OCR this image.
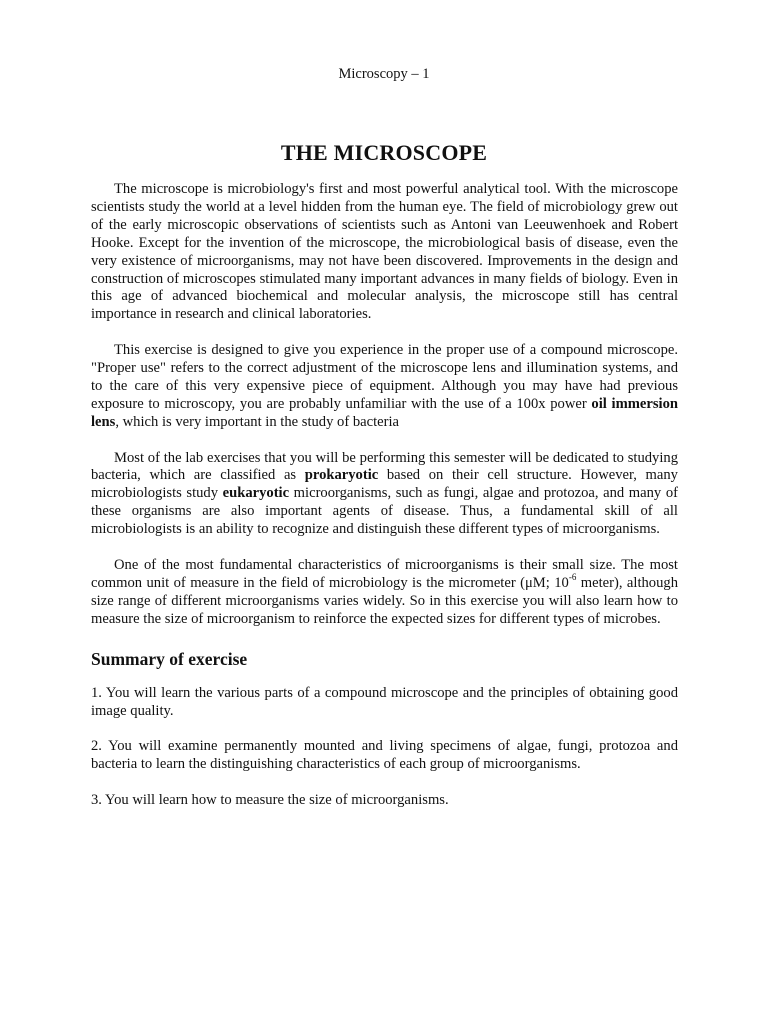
Microscopy – 1
THE MICROSCOPE

The microscope is microbiology's first and most powerful analytical tool. With the microscope scientists study the world at a level hidden from the human eye. The field of microbiology grew out of the early microscopic observations of scientists such as Antoni van Leeuwenhoek and Robert Hooke. Except for the invention of the microscope, the microbiological basis of disease, even the very existence of microorganisms, may not have been discovered. Improvements in the design and construction of microscopes stimulated many important advances in many fields of biology. Even in this age of advanced biochemical and molecular analysis, the microscope still has central importance in research and clinical laboratories.

This exercise is designed to give you experience in the proper use of a compound microscope. "Proper use" refers to the correct adjustment of the microscope lens and illumination systems, and to the care of this very expensive piece of equipment. Although you may have had previous exposure to microscopy, you are probably unfamiliar with the use of a 100x power oil immersion lens, which is very important in the study of bacteria

Most of the lab exercises that you will be performing this semester will be dedicated to studying bacteria, which are classified as prokaryotic based on their cell structure. However, many microbiologists study eukaryotic microorganisms, such as fungi, algae and protozoa, and many of these organisms are also important agents of disease. Thus, a fundamental skill of all microbiologists is an ability to recognize and distinguish these different types of microorganisms.

One of the most fundamental characteristics of microorganisms is their small size. The most common unit of measure in the field of microbiology is the micrometer (μM; $10^{-6}$ meter), although size range of different microorganisms varies widely. So in this exercise you will also learn how to measure the size of microorganism to reinforce the expected sizes for different types of microbes.

Summary of exercise

1. You will learn the various parts of a compound microscope and the principles of obtaining good image quality.

2. You will examine permanently mounted and living specimens of algae, fungi, protozoa and bacteria to learn the distinguishing characteristics of each group of microorganisms.

3. You will learn how to measure the size of microorganisms.
